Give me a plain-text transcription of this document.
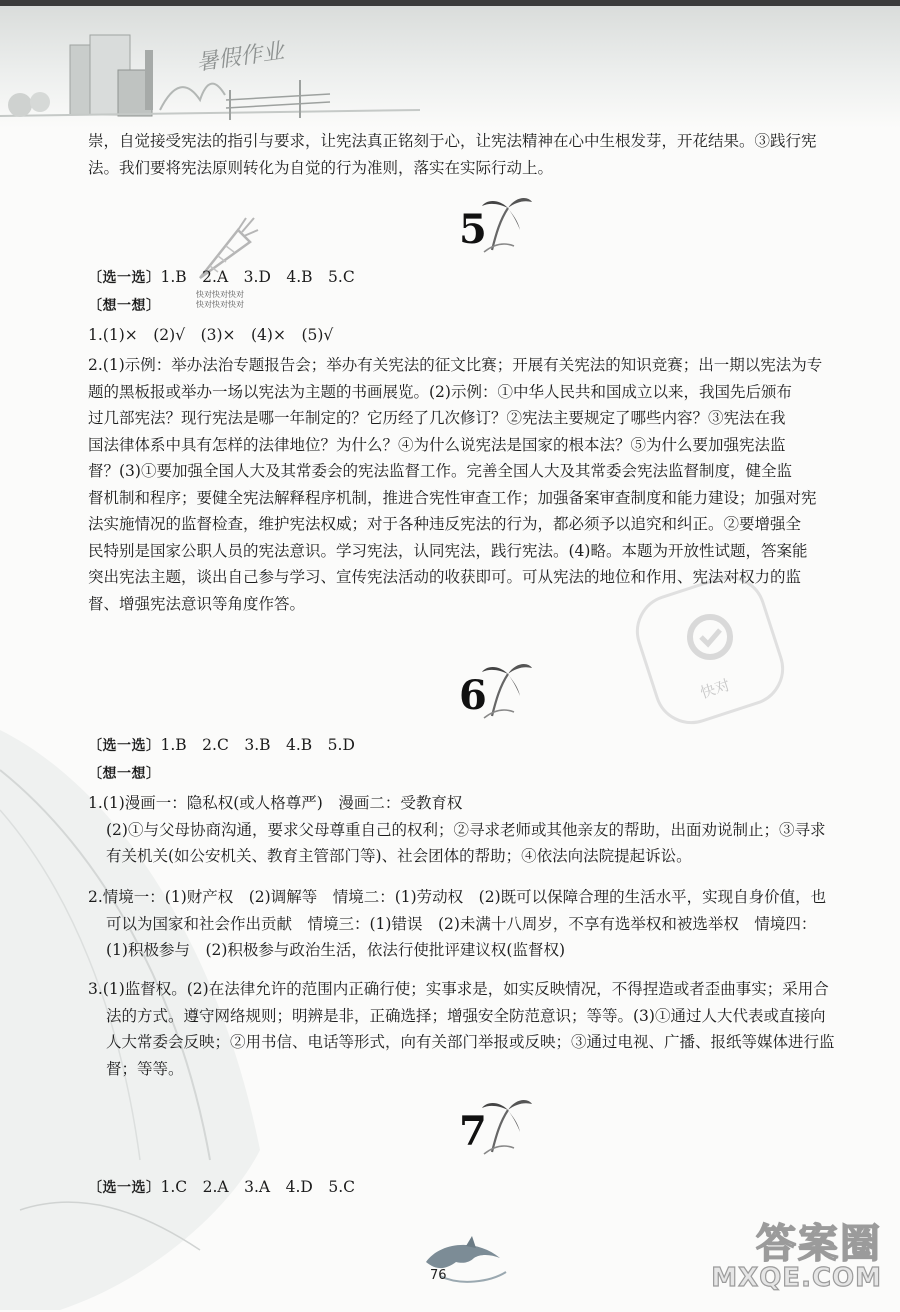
暑假作业
快对

崇，自觉接受宪法的指引与要求，让宪法真正铭刻于心，让宪法精神在心中生根发芽，开花结果。③践行宪

法。我们要将宪法原则转化为自觉的行为准则，落实在实际行动上。

快对快对快对
快对快对快对
5
〔选一选〕1.B　2.A　3.D　4.B　5.C
〔想一想〕
1.(1)×　(2)√　(3)×　(4)×　(5)√

2.(1)示例：举办法治专题报告会；举办有关宪法的征文比赛；开展有关宪法的知识竞赛；出一期以宪法为专

题的黑板报或举办一场以宪法为主题的书画展览。(2)示例：①中华人民共和国成立以来，我国先后颁布

过几部宪法？现行宪法是哪一年制定的？它历经了几次修订？②宪法主要规定了哪些内容？③宪法在我

国法律体系中具有怎样的法律地位？为什么？④为什么说宪法是国家的根本法？⑤为什么要加强宪法监

督？(3)①要加强全国人大及其常委会的宪法监督工作。完善全国人大及其常委会宪法监督制度，健全监

督机制和程序；要健全宪法解释程序机制，推进合宪性审查工作；加强备案审查制度和能力建设；加强对宪

法实施情况的监督检查，维护宪法权威；对于各种违反宪法的行为，都必须予以追究和纠正。②要增强全

民特别是国家公职人员的宪法意识。学习宪法，认同宪法，践行宪法。(4)略。本题为开放性试题，答案能

突出宪法主题，谈出自己参与学习、宣传宪法活动的收获即可。可从宪法的地位和作用、宪法对权力的监

督、增强宪法意识等角度作答。

6
〔选一选〕1.B　2.C　3.B　4.B　5.D
〔想一想〕

1.(1)漫画一：隐私权(或人格尊严)　漫画二：受教育权

(2)①与父母协商沟通，要求父母尊重自己的权利；②寻求老师或其他亲友的帮助，出面劝说制止；③寻求

有关机关(如公安机关、教育主管部门等)、社会团体的帮助；④依法向法院提起诉讼。

2.情境一：(1)财产权　(2)调解等　情境二：(1)劳动权　(2)既可以保障合理的生活水平，实现自身价值，也

可以为国家和社会作出贡献　情境三：(1)错误　(2)未满十八周岁，不享有选举权和被选举权　情境四：

(1)积极参与　(2)积极参与政治生活，依法行使批评建议权(监督权)

3.(1)监督权。(2)在法律允许的范围内正确行使；实事求是，如实反映情况，不得捏造或者歪曲事实；采用合

法的方式。遵守网络规则；明辨是非，正确选择；增强安全防范意识；等等。(3)①通过人大代表或直接向

人大常委会反映；②用书信、电话等形式，向有关部门举报或反映；③通过电视、广播、报纸等媒体进行监

督；等等。

7
〔选一选〕1.C　2.A　3.A　4.D　5.C
76
答案圈
MXQE.COM
